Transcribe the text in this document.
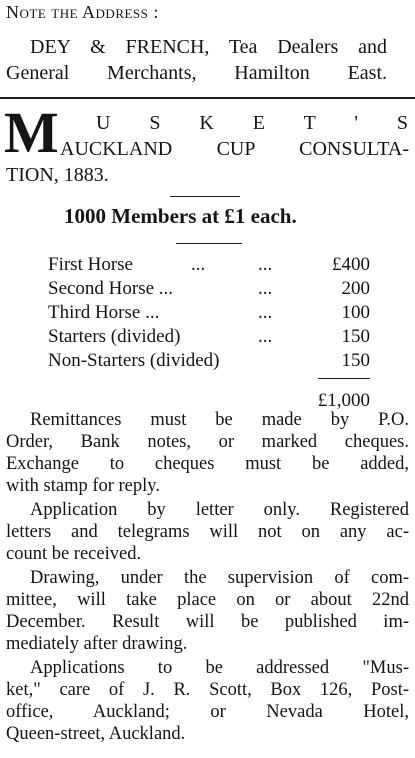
Note the Address :
DEY & FRENCH, Tea Dealers and
General Merchants, Hamilton East.
M	U S K E T ' S
AUCKLAND CUP CONSULTA-
TION, 1883.
1000 Members at £1 each.
First Horse	...	...	£400
Second Horse ...	...	200
Third Horse ...	...	100
Starters (divided)	...	150
Non-Starters (divided)	150
£1,000
Remittances must be made by P.O.
Order, Bank notes, or marked cheques.
Exchange to cheques must be added,
with stamp for reply.
Application by letter only. Registered
letters and telegrams will not on any ac-
count be received.
Drawing, under the supervision of com-
mittee, will take place on or about 22nd
December. Result will be published im-
mediately after drawing.
Applications to be addressed "Mus-
ket," care of J. R. Scott, Box 126, Post-
office, Auckland; or Nevada Hotel,
Queen-street, Auckland.
